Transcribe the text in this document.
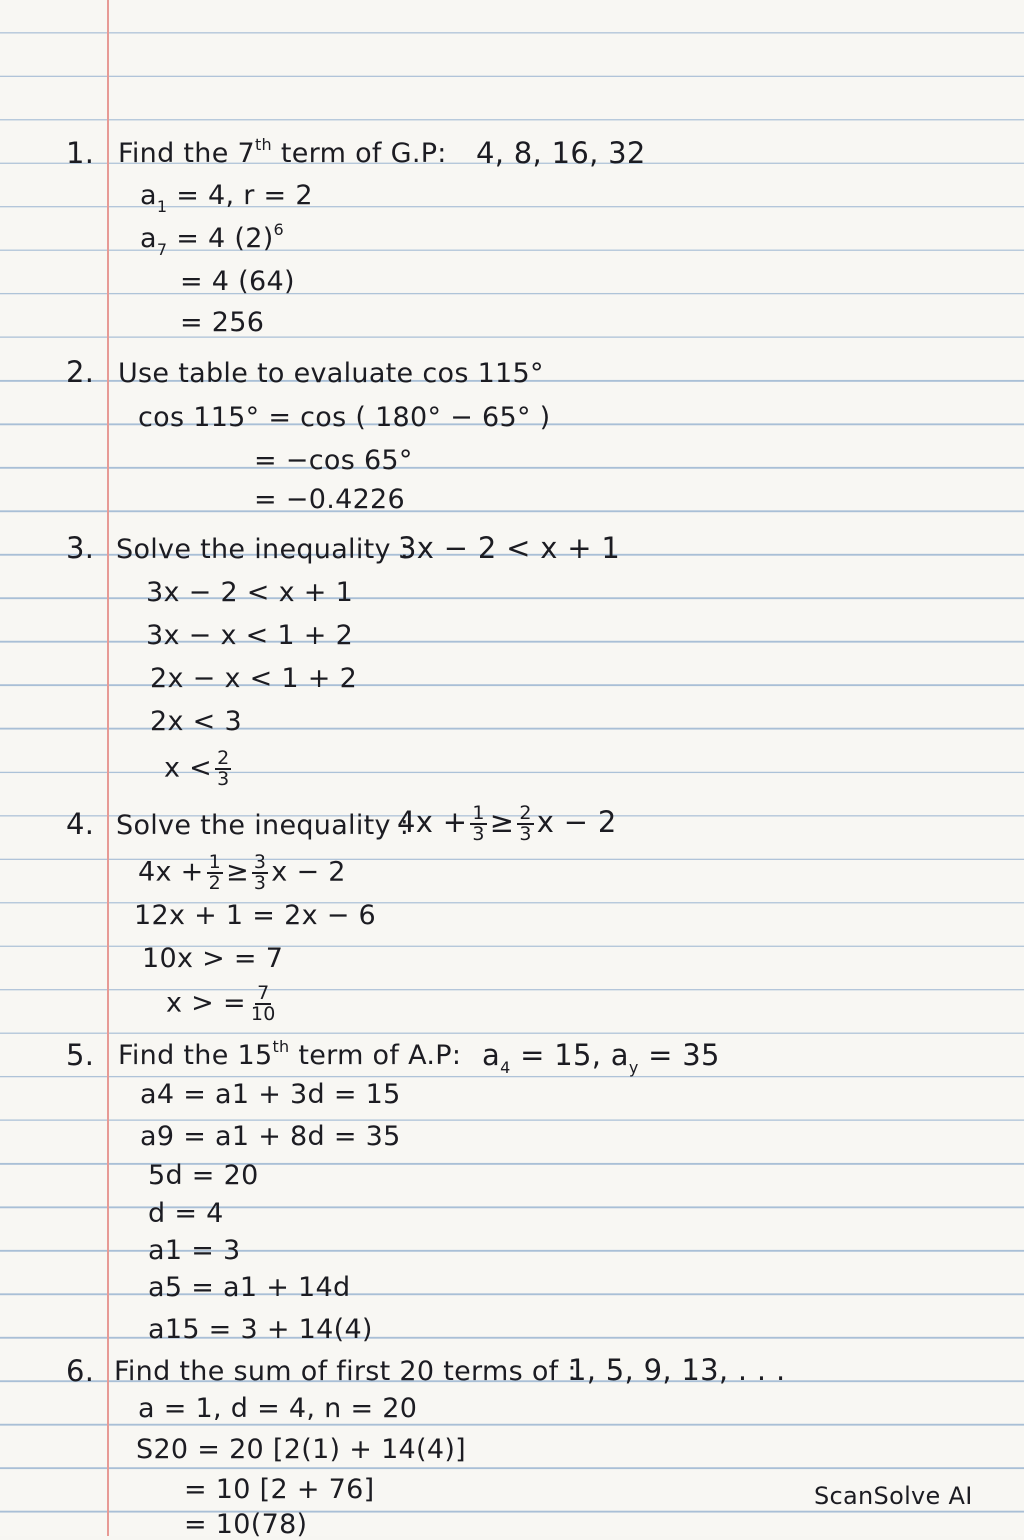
1. Find the 7th term of G.P: 4, 8, 16, 32
$a_1 = 4$, r = 2
$a_7 = 4$ $(2)^6$
= 4 (64)
= 256
2. Use table to evaluate cos 115°
cos 115° = cos ( 180° − 65° )
= −cos 65°
= −0.4226
3. Solve the inequality :
3x − 2 < x + 1
3x − 2 < x + 1
3x − x < 1 + 2
2x − x < 1 + 2
2x < 3
$x < \frac{2}{3}$
4. Solve the inequality :
$4x + \frac{1}{3} \ge \frac{2}{3}$ x − 2
$4x + \frac{1}{2} \ge \frac{3}{3}$ x − 2
12x + 1 = 2x − 6
10x > = 7
x > = $\frac{7}{10}$
5. Find the 15th term of A.P: $a_4 = 15$, $a_y = 35$
a4 = a1 + 3d = 15
a9 = a1 + 8d = 35
5d = 20
d = 4
a1 = 3
a5 = a1 + 14d
a15 = 3 + 14(4)
6. Find the sum of first 20 terms of :
1, 5, 9, 13, . . .
a = 1, d = 4, n = 20
S20 = 20 [2(1) + 14(4)]
= 10 [2 + 76]
= 10(78)
ScanSolve AI
